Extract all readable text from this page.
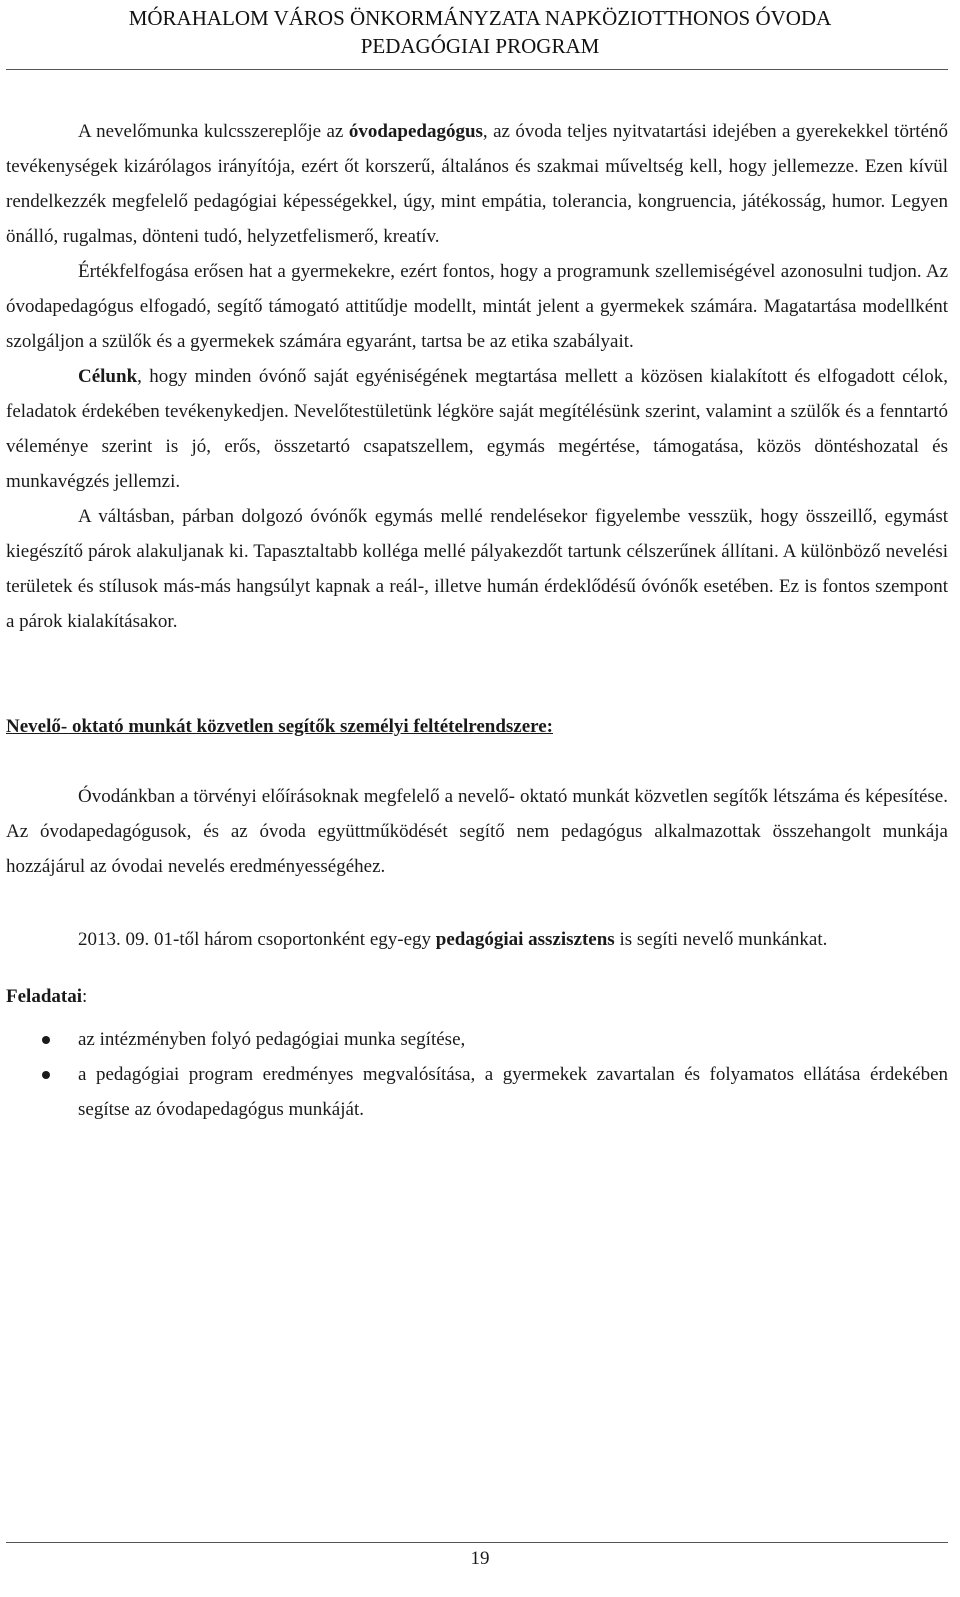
MÓRAHALOM VÁROS ÖNKORMÁNYZATA NAPKÖZIOTTHONOS ÓVODA
PEDAGÓGIAI PROGRAM

A nevelőmunka kulcsszereplője az óvodapedagógus, az óvoda teljes nyitvatartási idejében a gyerekekkel történő tevékenységek kizárólagos irányítója, ezért őt korszerű, általános és szakmai műveltség kell, hogy jellemezze. Ezen kívül rendelkezzék megfelelő pedagógiai képességekkel, úgy, mint empátia, tolerancia, kongruencia, játékosság, humor. Legyen önálló, rugalmas, dönteni tudó, helyzetfelismerő, kreatív.

Értékfelfogása erősen hat a gyermekekre, ezért fontos, hogy a programunk szellemiségével azonosulni tudjon. Az óvodapedagógus elfogadó, segítő támogató attitűdje modellt, mintát jelent a gyermekek számára. Magatartása modellként szolgáljon a szülők és a gyermekek számára egyaránt, tartsa be az etika szabályait.

Célunk, hogy minden óvónő saját egyéniségének megtartása mellett a közösen kialakított és elfogadott célok, feladatok érdekében tevékenykedjen. Nevelőtestületünk légköre saját megítélésünk szerint, valamint a szülők és a fenntartó véleménye szerint is jó, erős, összetartó csapatszellem, egymás megértése, támogatása, közös döntéshozatal és munkavégzés jellemzi.

A váltásban, párban dolgozó óvónők egymás mellé rendelésekor figyelembe vesszük, hogy összeillő, egymást kiegészítő párok alakuljanak ki. Tapasztaltabb kolléga mellé pályakezdőt tartunk célszerűnek állítani. A különböző nevelési területek és stílusok más-más hangsúlyt kapnak a reál-, illetve humán érdeklődésű óvónők esetében. Ez is fontos szempont a párok kialakításakor.

Nevelő- oktató munkát közvetlen segítők személyi feltételrendszere:

Óvodánkban a törvényi előírásoknak megfelelő a nevelő- oktató munkát közvetlen segítők létszáma és képesítése. Az óvodapedagógusok, és az óvoda együttműködését segítő nem pedagógus alkalmazottak összehangolt munkája hozzájárul az óvodai nevelés eredményességéhez.

2013. 09. 01-től három csoportonként egy-egy pedagógiai asszisztens is segíti nevelő munkánkat.

Feladatai:

az intézményben folyó pedagógiai munka segítése,
a pedagógiai program eredményes megvalósítása, a gyermekek zavartalan és folyamatos ellátása érdekében segítse az óvodapedagógus munkáját.
19
